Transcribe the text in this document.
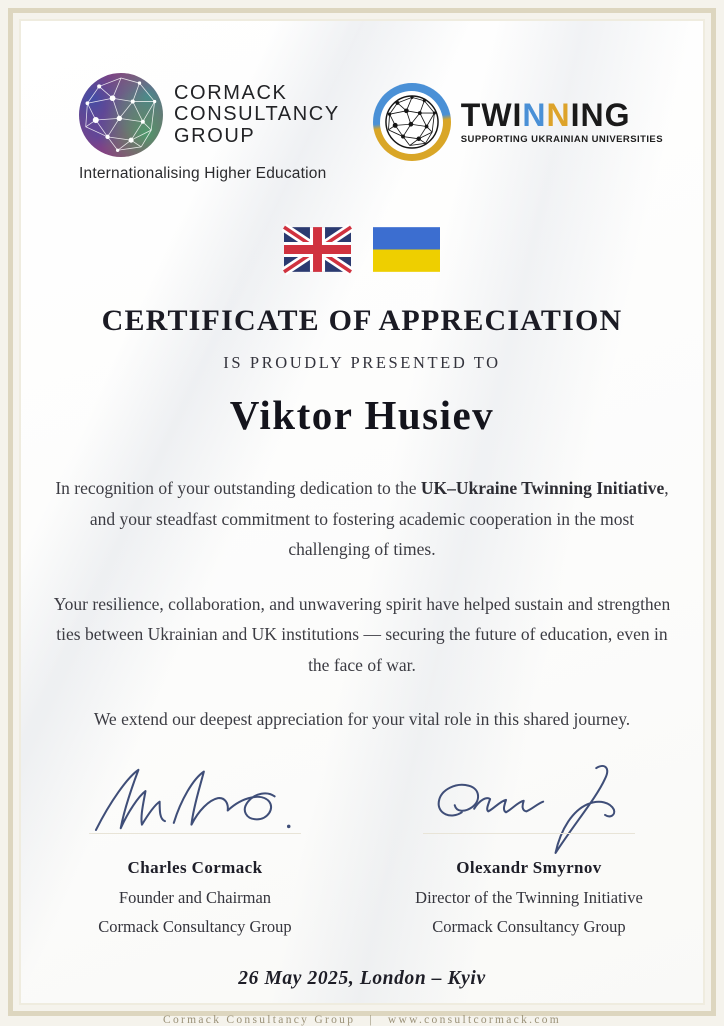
CORMACK
CONSULTANCY
GROUP
Internationalising Higher Education
TWINNING
SUPPORTING UKRAINIAN UNIVERSITIES
CERTIFICATE OF APPRECIATION
IS PROUDLY PRESENTED TO
Viktor Husiev
In recognition of your outstanding dedication to the UK–Ukraine Twinning Initiative, and your steadfast commitment to fostering academic cooperation in the most challenging of times.
Your resilience, collaboration, and unwavering spirit have helped sustain and strengthen ties between Ukrainian and UK institutions — securing the future of education, even in the face of war.
We extend our deepest appreciation for your vital role in this shared journey.
Charles Cormack
Founder and Chairman
Cormack Consultancy Group
Olexandr Smyrnov
Director of the Twinning Initiative
Cormack Consultancy Group
26 May 2025, London – Kyiv
Cormack Consultancy Group | www.consultcormack.com
